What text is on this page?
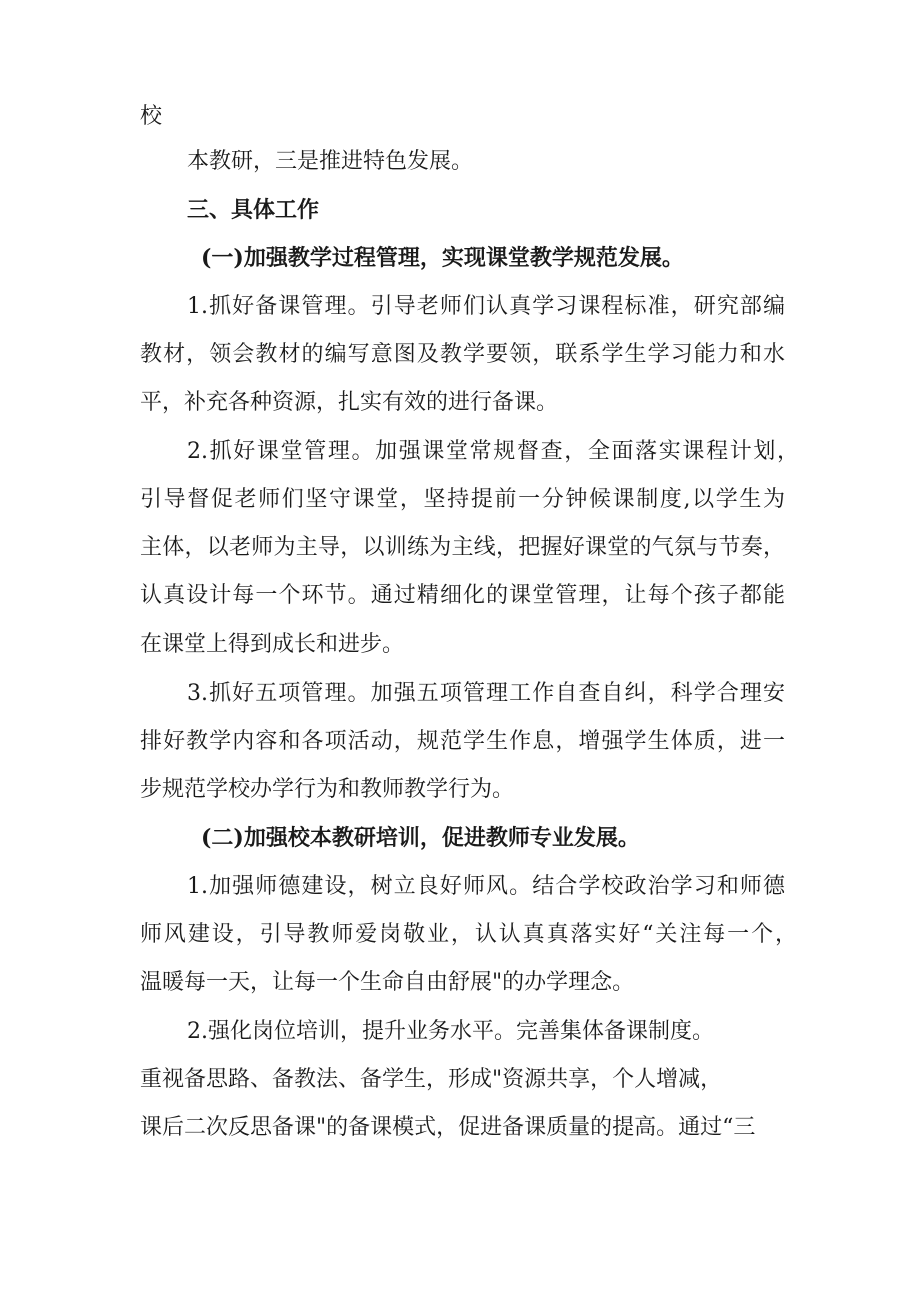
校
本教研，三是推进特色发展。
三、具体工作
(一)加强教学过程管理，实现课堂教学规范发展。
1.抓好备课管理。引导老师们认真学习课程标准，研究部编
教材，领会教材的编写意图及教学要领，联系学生学习能力和水
平，补充各种资源，扎实有效的进行备课。
2.抓好课堂管理。加强课堂常规督查，全面落实课程计划，
引导督促老师们坚守课堂，坚持提前一分钟候课制度,以学生为
主体，以老师为主导，以训练为主线，把握好课堂的气氛与节奏，
认真设计每一个环节。通过精细化的课堂管理，让每个孩子都能
在课堂上得到成长和进步。
3.抓好五项管理。加强五项管理工作自查自纠，科学合理安
排好教学内容和各项活动，规范学生作息，增强学生体质，进一
步规范学校办学行为和教师教学行为。
(二)加强校本教研培训，促进教师专业发展。
1.加强师德建设，树立良好师风。结合学校政治学习和师德
师风建设，引导教师爱岗敬业，认认真真落实好“关注每一个，
温暖每一天，让每一个生命自由舒展"的办学理念。
2.强化岗位培训，提升业务水平。完善集体备课制度。
重视备思路、备教法、备学生，形成"资源共享，个人增减，
课后二次反思备课"的备课模式，促进备课质量的提高。通过“三
